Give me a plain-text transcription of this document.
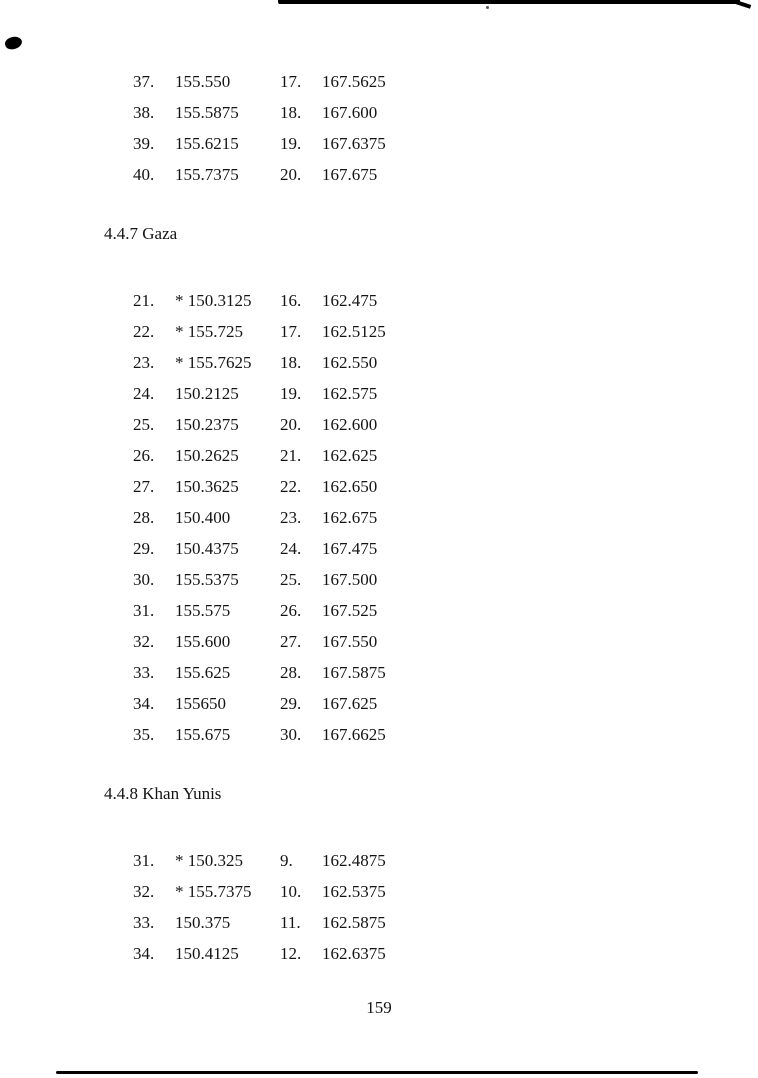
37.	155.550	17.	167.5625
38.	155.5875	18.	167.600
39.	155.6215	19.	167.6375
40.	155.7375	20.	167.675
4.4.7 Gaza
21.	* 150.3125	16.	162.475
22.	* 155.725	17.	162.5125
23.	* 155.7625	18.	162.550
24.	150.2125	19.	162.575
25.	150.2375	20.	162.600
26.	150.2625	21.	162.625
27.	150.3625	22.	162.650
28.	150.400	23.	162.675
29.	150.4375	24.	167.475
30.	155.5375	25.	167.500
31.	155.575	26.	167.525
32.	155.600	27.	167.550
33.	155.625	28.	167.5875
34.	155650	29.	167.625
35.	155.675	30.	167.6625
4.4.8 Khan Yunis
31.	* 150.325	9.	162.4875
32.	* 155.7375	10.	162.5375
33.	150.375	11.	162.5875
34.	150.4125	12.	162.6375
159
